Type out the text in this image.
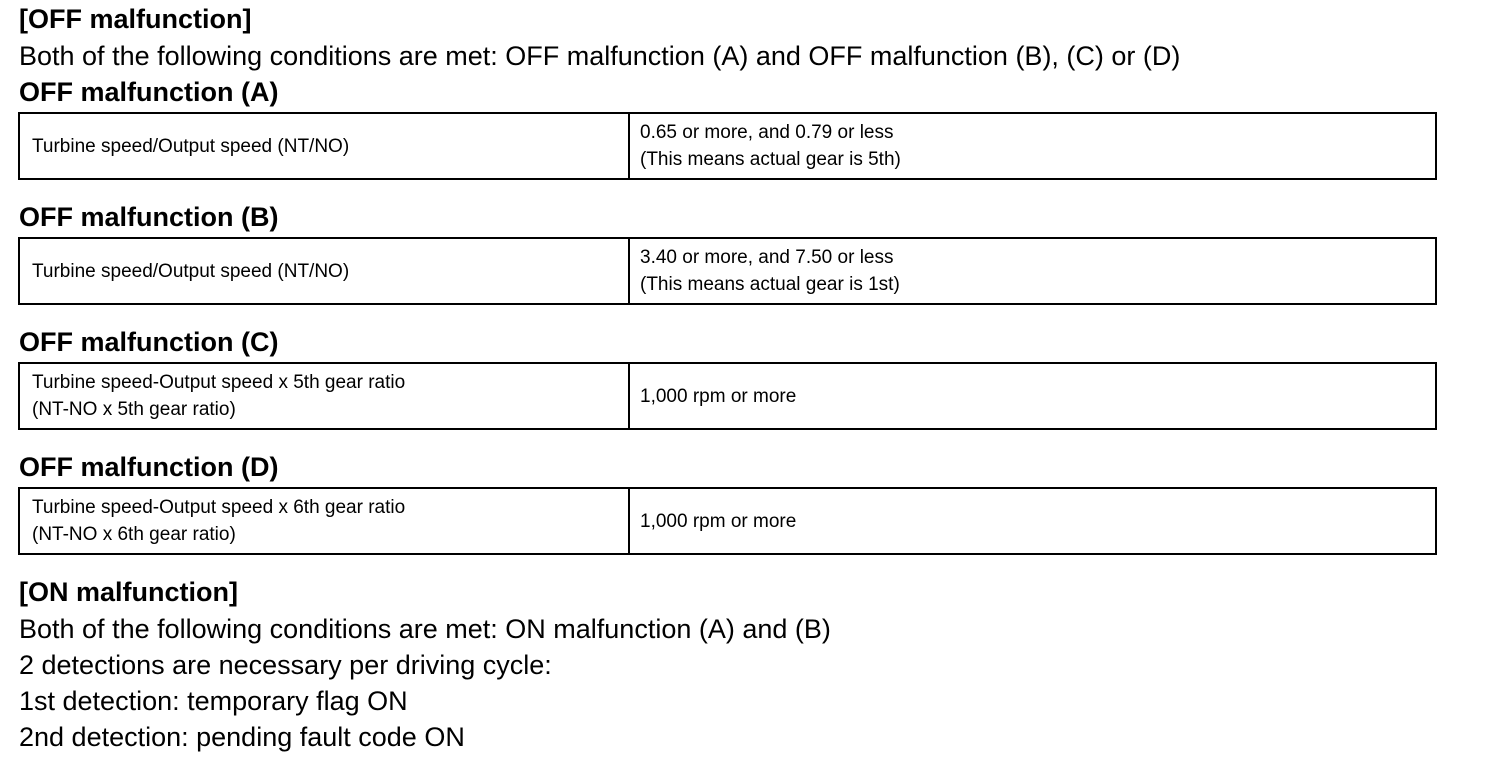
[OFF malfunction]
Both of the following conditions are met: OFF malfunction (A) and OFF malfunction (B), (C) or (D)
OFF malfunction (A)
Turbine speed/Output speed (NT/NO)

0.65 or more, and 0.79 or less
(This means actual gear is 5th)
OFF malfunction (B)
Turbine speed/Output speed (NT/NO)

3.40 or more, and 7.50 or less
(This means actual gear is 1st)
OFF malfunction (C)
Turbine speed-Output speed x 5th gear ratio
(NT-NO x 5th gear ratio)

1,000 rpm or more
OFF malfunction (D)
Turbine speed-Output speed x 6th gear ratio
(NT-NO x 6th gear ratio)

1,000 rpm or more
[ON malfunction]
Both of the following conditions are met: ON malfunction (A) and (B)
2 detections are necessary per driving cycle:
1st detection: temporary flag ON
2nd detection: pending fault code ON
